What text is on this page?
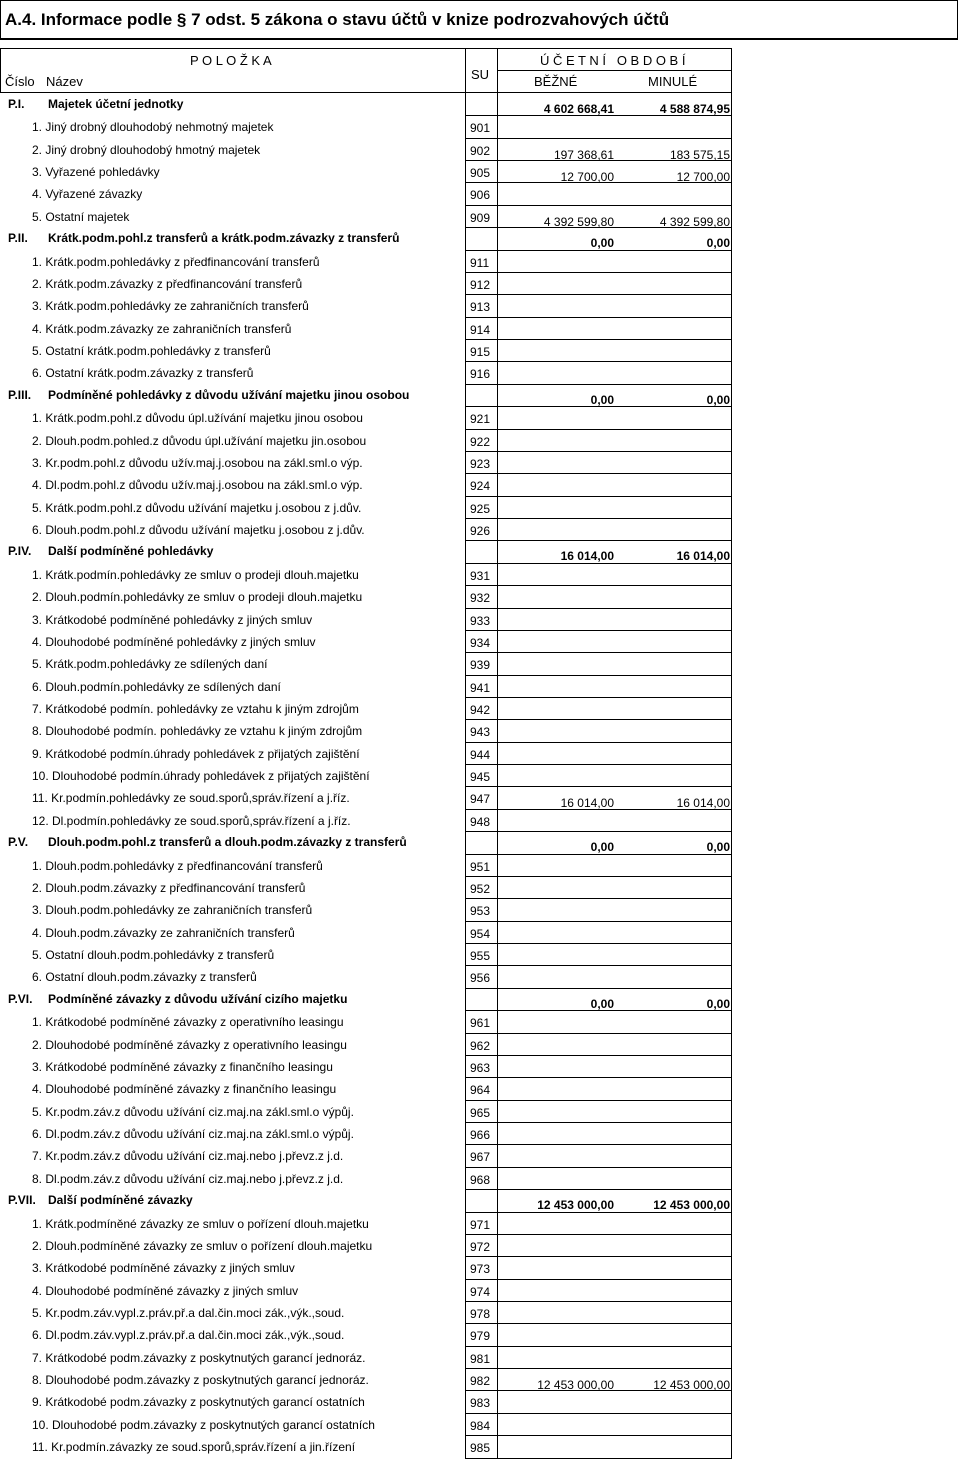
A.4. Informace podle § 7 odst. 5 zákona o stavu účtů v knize podrozvahových účtů
P O L O Ž K A
Číslo Název	SU
Ú Č E T N Í   O B D O B Í
BĚŽNÉ	MINULÉ
P.I. Majetek účetní jednotky	4 602 668,41	4 588 874,95
1. Jiný drobný dlouhodobý nehmotný majetek	901
2. Jiný drobný dlouhodobý hmotný majetek	902	197 368,61	183 575,15
3. Vyřazené pohledávky	905	12 700,00	12 700,00
4. Vyřazené závazky	906
5. Ostatní majetek	909	4 392 599,80	4 392 599,80
P.II. Krátk.podm.pohl.z transferů a krátk.podm.závazky z transferů	0,00	0,00
1. Krátk.podm.pohledávky z předfinancování transferů	911
2. Krátk.podm.závazky z předfinancování transferů	912
3. Krátk.podm.pohledávky ze zahraničních transferů	913
4. Krátk.podm.závazky ze zahraničních transferů	914
5. Ostatní krátk.podm.pohledávky z transferů	915
6. Ostatní krátk.podm.závazky z transferů	916
P.III. Podmíněné pohledávky z důvodu užívání majetku jinou osobou	0,00	0,00
1. Krátk.podm.pohl.z důvodu úpl.užívání majetku jinou osobou	921
2. Dlouh.podm.pohled.z důvodu úpl.užívání majetku jin.osobou	922
3. Kr.podm.pohl.z důvodu užív.maj.j.osobou na zákl.sml.o výp.	923
4. Dl.podm.pohl.z důvodu užív.maj.j.osobou na zákl.sml.o výp.	924
5. Krátk.podm.pohl.z důvodu užívání majetku j.osobou z j.dův.	925
6. Dlouh.podm.pohl.z důvodu užívání majetku j.osobou z j.dův.	926
P.IV. Další podmíněné pohledávky	16 014,00	16 014,00
1. Krátk.podmín.pohledávky ze smluv o prodeji dlouh.majetku	931
2. Dlouh.podmín.pohledávky ze smluv o prodeji dlouh.majetku	932
3. Krátkodobé podmíněné pohledávky z jiných smluv	933
4. Dlouhodobé podmíněné pohledávky z jiných smluv	934
5. Krátk.podm.pohledávky ze sdílených daní	939
6. Dlouh.podmín.pohledávky ze sdílených daní	941
7. Krátkodobé podmín. pohledávky ze vztahu k jiným zdrojům	942
8. Dlouhodobé podmín. pohledávky ze vztahu k jiným zdrojům	943
9. Krátkodobé podmín.úhrady pohledávek z přijatých zajištění	944
10. Dlouhodobé podmín.úhrady pohledávek z přijatých zajištění	945
11. Kr.podmín.pohledávky ze soud.sporů,správ.řízení a j.říz.	947	16 014,00	16 014,00
12. Dl.podmín.pohledávky ze soud.sporů,správ.řízení a j.říz.	948
P.V. Dlouh.podm.pohl.z transferů a dlouh.podm.závazky z transferů	0,00	0,00
1. Dlouh.podm.pohledávky z předfinancování transferů	951
2. Dlouh.podm.závazky z předfinancování transferů	952
3. Dlouh.podm.pohledávky ze zahraničních transferů	953
4. Dlouh.podm.závazky ze zahraničních transferů	954
5. Ostatní dlouh.podm.pohledávky z transferů	955
6. Ostatní dlouh.podm.závazky z transferů	956
P.VI. Podmíněné závazky z důvodu užívání cizího majetku	0,00	0,00
1. Krátkodobé podmíněné závazky z operativního leasingu	961
2. Dlouhodobé podmíněné závazky z operativního leasingu	962
3. Krátkodobé podmíněné závazky z finančního leasingu	963
4. Dlouhodobé podmíněné závazky z finančního leasingu	964
5. Kr.podm.záv.z důvodu užívání ciz.maj.na zákl.sml.o výpůj.	965
6. Dl.podm.záv.z důvodu užívání ciz.maj.na zákl.sml.o výpůj.	966
7. Kr.podm.záv.z důvodu užívání ciz.maj.nebo j.převz.z j.d.	967
8. Dl.podm.záv.z důvodu užívání ciz.maj.nebo j.převz.z j.d.	968
P.VII. Další podmíněné závazky	12 453 000,00	12 453 000,00
1. Krátk.podmíněné závazky ze smluv o pořízení dlouh.majetku	971
2. Dlouh.podmíněné závazky ze smluv o pořízení dlouh.majetku	972
3. Krátkodobé podmíněné závazky z jiných smluv	973
4. Dlouhodobé podmíněné závazky z jiných smluv	974
5. Kr.podm.záv.vypl.z.práv.př.a dal.čin.moci zák.,výk.,soud.	978
6. Dl.podm.záv.vypl.z.práv.př.a dal.čin.moci zák.,výk.,soud.	979
7. Krátkodobé podm.závazky z poskytnutých garancí jednoráz.	981
8. Dlouhodobé podm.závazky z poskytnutých garancí jednoráz.	982	12 453 000,00	12 453 000,00
9. Krátkodobé podm.závazky z poskytnutých garancí ostatních	983
10. Dlouhodobé podm.závazky z poskytnutých garancí ostatních	984
11. Kr.podmín.závazky ze soud.sporů,správ.řízení a jin.řízení	985
